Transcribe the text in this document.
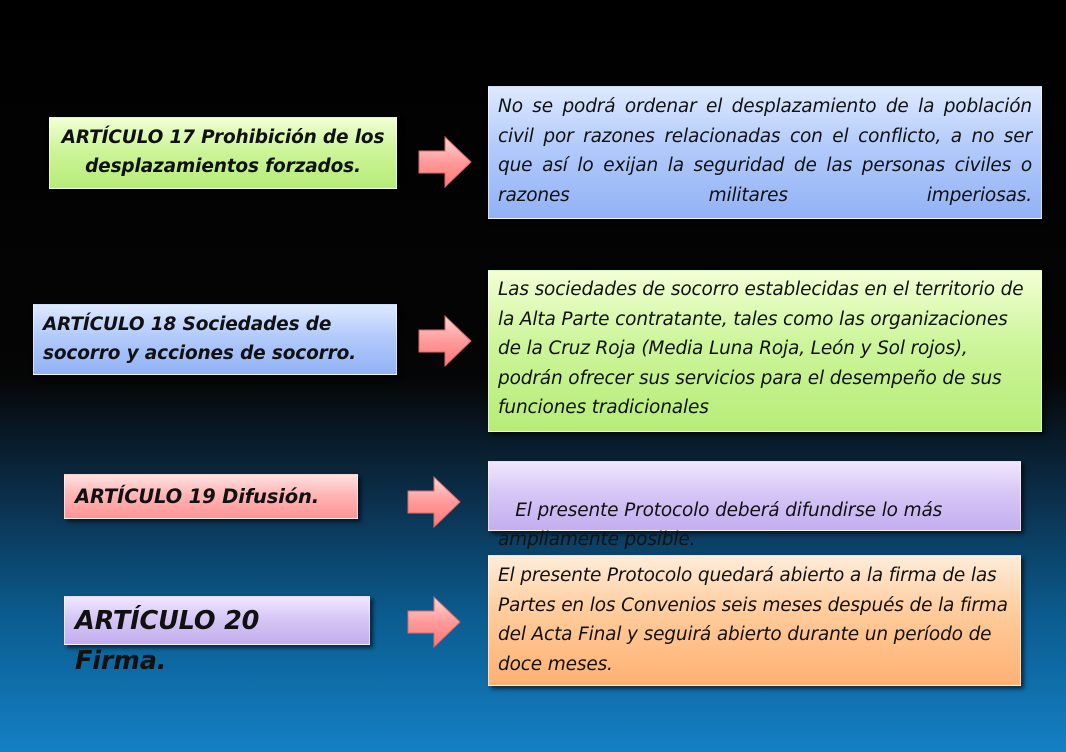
ARTÍCULO 17 Prohibición de los desplazamientos forzados.
No se podrá ordenar el desplazamiento de la población civil por razones relacionadas con el conflicto, a no ser que así lo exijan la seguridad de las personas civiles o razones militares imperiosas.
ARTÍCULO 18 Sociedades de socorro y acciones de socorro.
Las sociedades de socorro establecidas en el territorio de la Alta Parte contratante, tales como las organizaciones de la Cruz Roja (Media Luna Roja, León y Sol rojos), podrán ofrecer sus servicios para el desempeño de sus funciones tradicionales
ARTÍCULO 19 Difusión.

El presente Protocolo deberá difundirse lo más ampliamente posible.

ARTÍCULO 20 Firma.
El presente Protocolo quedará abierto a la firma de las Partes en los Convenios seis meses después de la firma del Acta Final y seguirá abierto durante un período de doce meses.
